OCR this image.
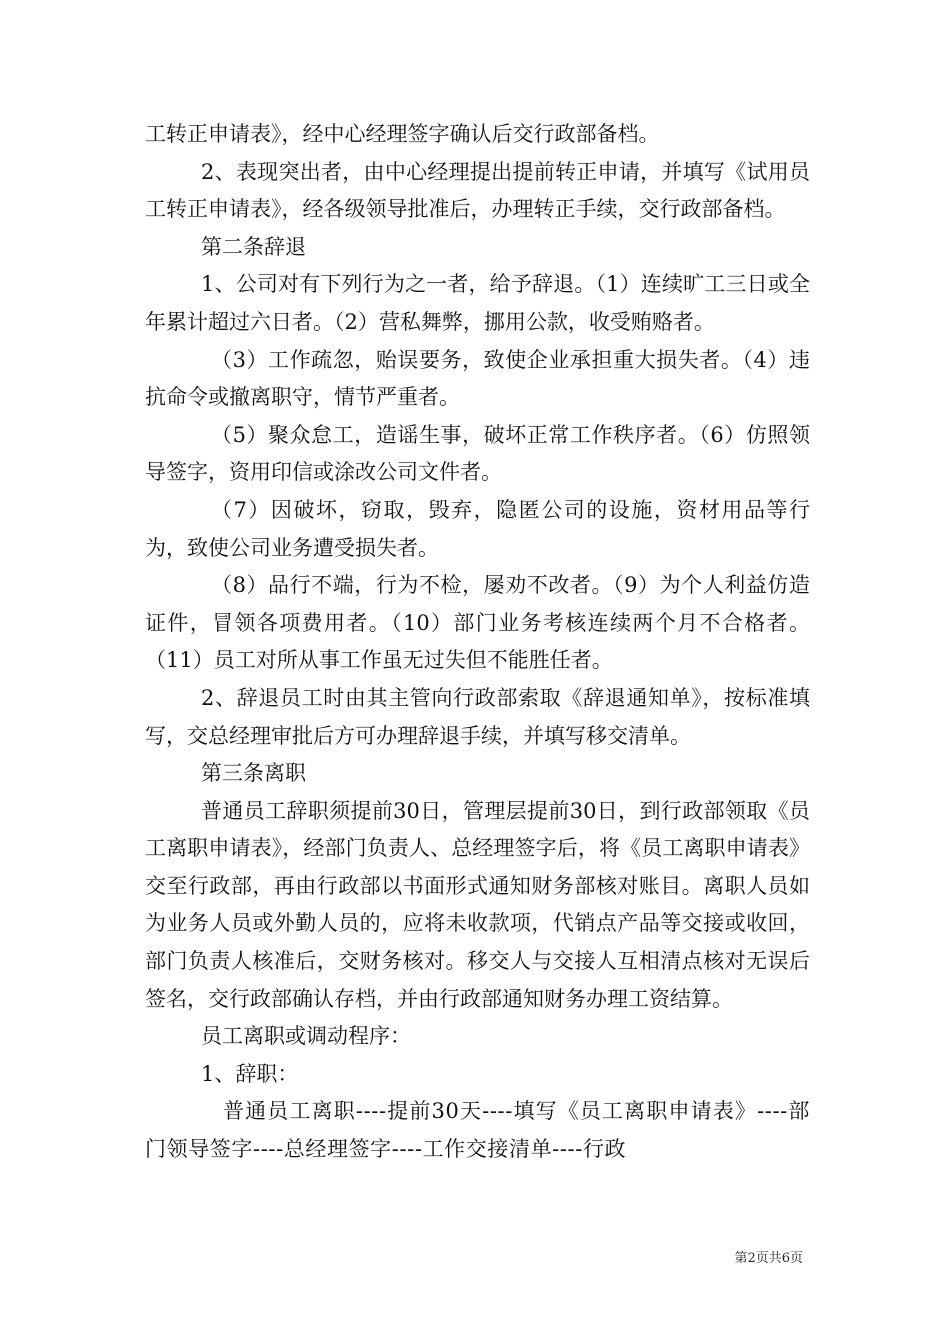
工转正申请表》，经中心经理签字确认后交行政部备档。

2、表现突出者，由中心经理提出提前转正申请，并填写《试用员工转正申请表》，经各级领导批准后，办理转正手续，交行政部备档。

第二条辞退

1、公司对有下列行为之一者，给予辞退。（1）连续旷工三日或全年累计超过六日者。（2）营私舞弊，挪用公款，收受贿赂者。

（3）工作疏忽，贻误要务，致使企业承担重大损失者。（4）违抗命令或撤离职守，情节严重者。

（5）聚众怠工，造谣生事，破坏正常工作秩序者。（6）仿照领导签字，资用印信或涂改公司文件者。

（7）因破坏，窃取，毁弃，隐匿公司的设施，资材用品等行为，致使公司业务遭受损失者。

（8）品行不端，行为不检，屡劝不改者。（9）为个人利益仿造证件，冒领各项费用者。（10）部门业务考核连续两个月不合格者。（11）员工对所从事工作虽无过失但不能胜任者。

2、辞退员工时由其主管向行政部索取《辞退通知单》，按标准填写，交总经理审批后方可办理辞退手续，并填写移交清单。

第三条离职

普通员工辞职须提前30日，管理层提前30日，到行政部领取《员工离职申请表》，经部门负责人、总经理签字后，将《员工离职申请表》交至行政部，再由行政部以书面形式通知财务部核对账目。离职人员如为业务人员或外勤人员的，应将未收款项，代销点产品等交接或收回，部门负责人核准后，交财务核对。移交人与交接人互相清点核对无误后签名，交行政部确认存档，并由行政部通知财务办理工资结算。

员工离职或调动程序：

1、辞职：

普通员工离职----提前30天----填写《员工离职申请表》----部门领导签字----总经理签字----工作交接清单----行政

第2页共6页
